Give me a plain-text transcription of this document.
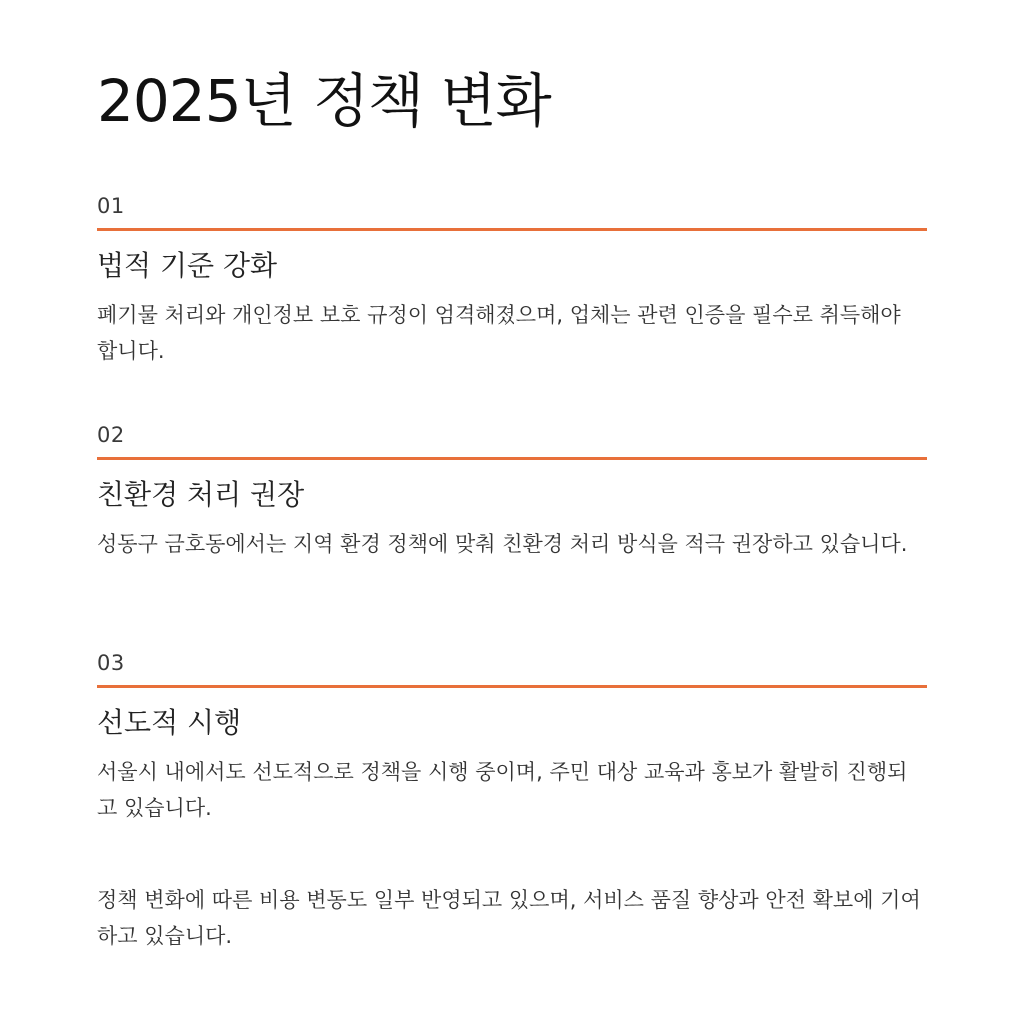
2025년 정책 변화

01

법적 기준 강화

폐기물 처리와 개인정보 보호 규정이 엄격해졌으며, 업체는 관련 인증을 필수로 취득해야 합니다.

02

친환경 처리 권장

성동구 금호동에서는 지역 환경 정책에 맞춰 친환경 처리 방식을 적극 권장하고 있습니다.

03

선도적 시행

서울시 내에서도 선도적으로 정책을 시행 중이며, 주민 대상 교육과 홍보가 활발히 진행되고 있습니다.

정책 변화에 따른 비용 변동도 일부 반영되고 있으며, 서비스 품질 향상과 안전 확보에 기여하고 있습니다.
